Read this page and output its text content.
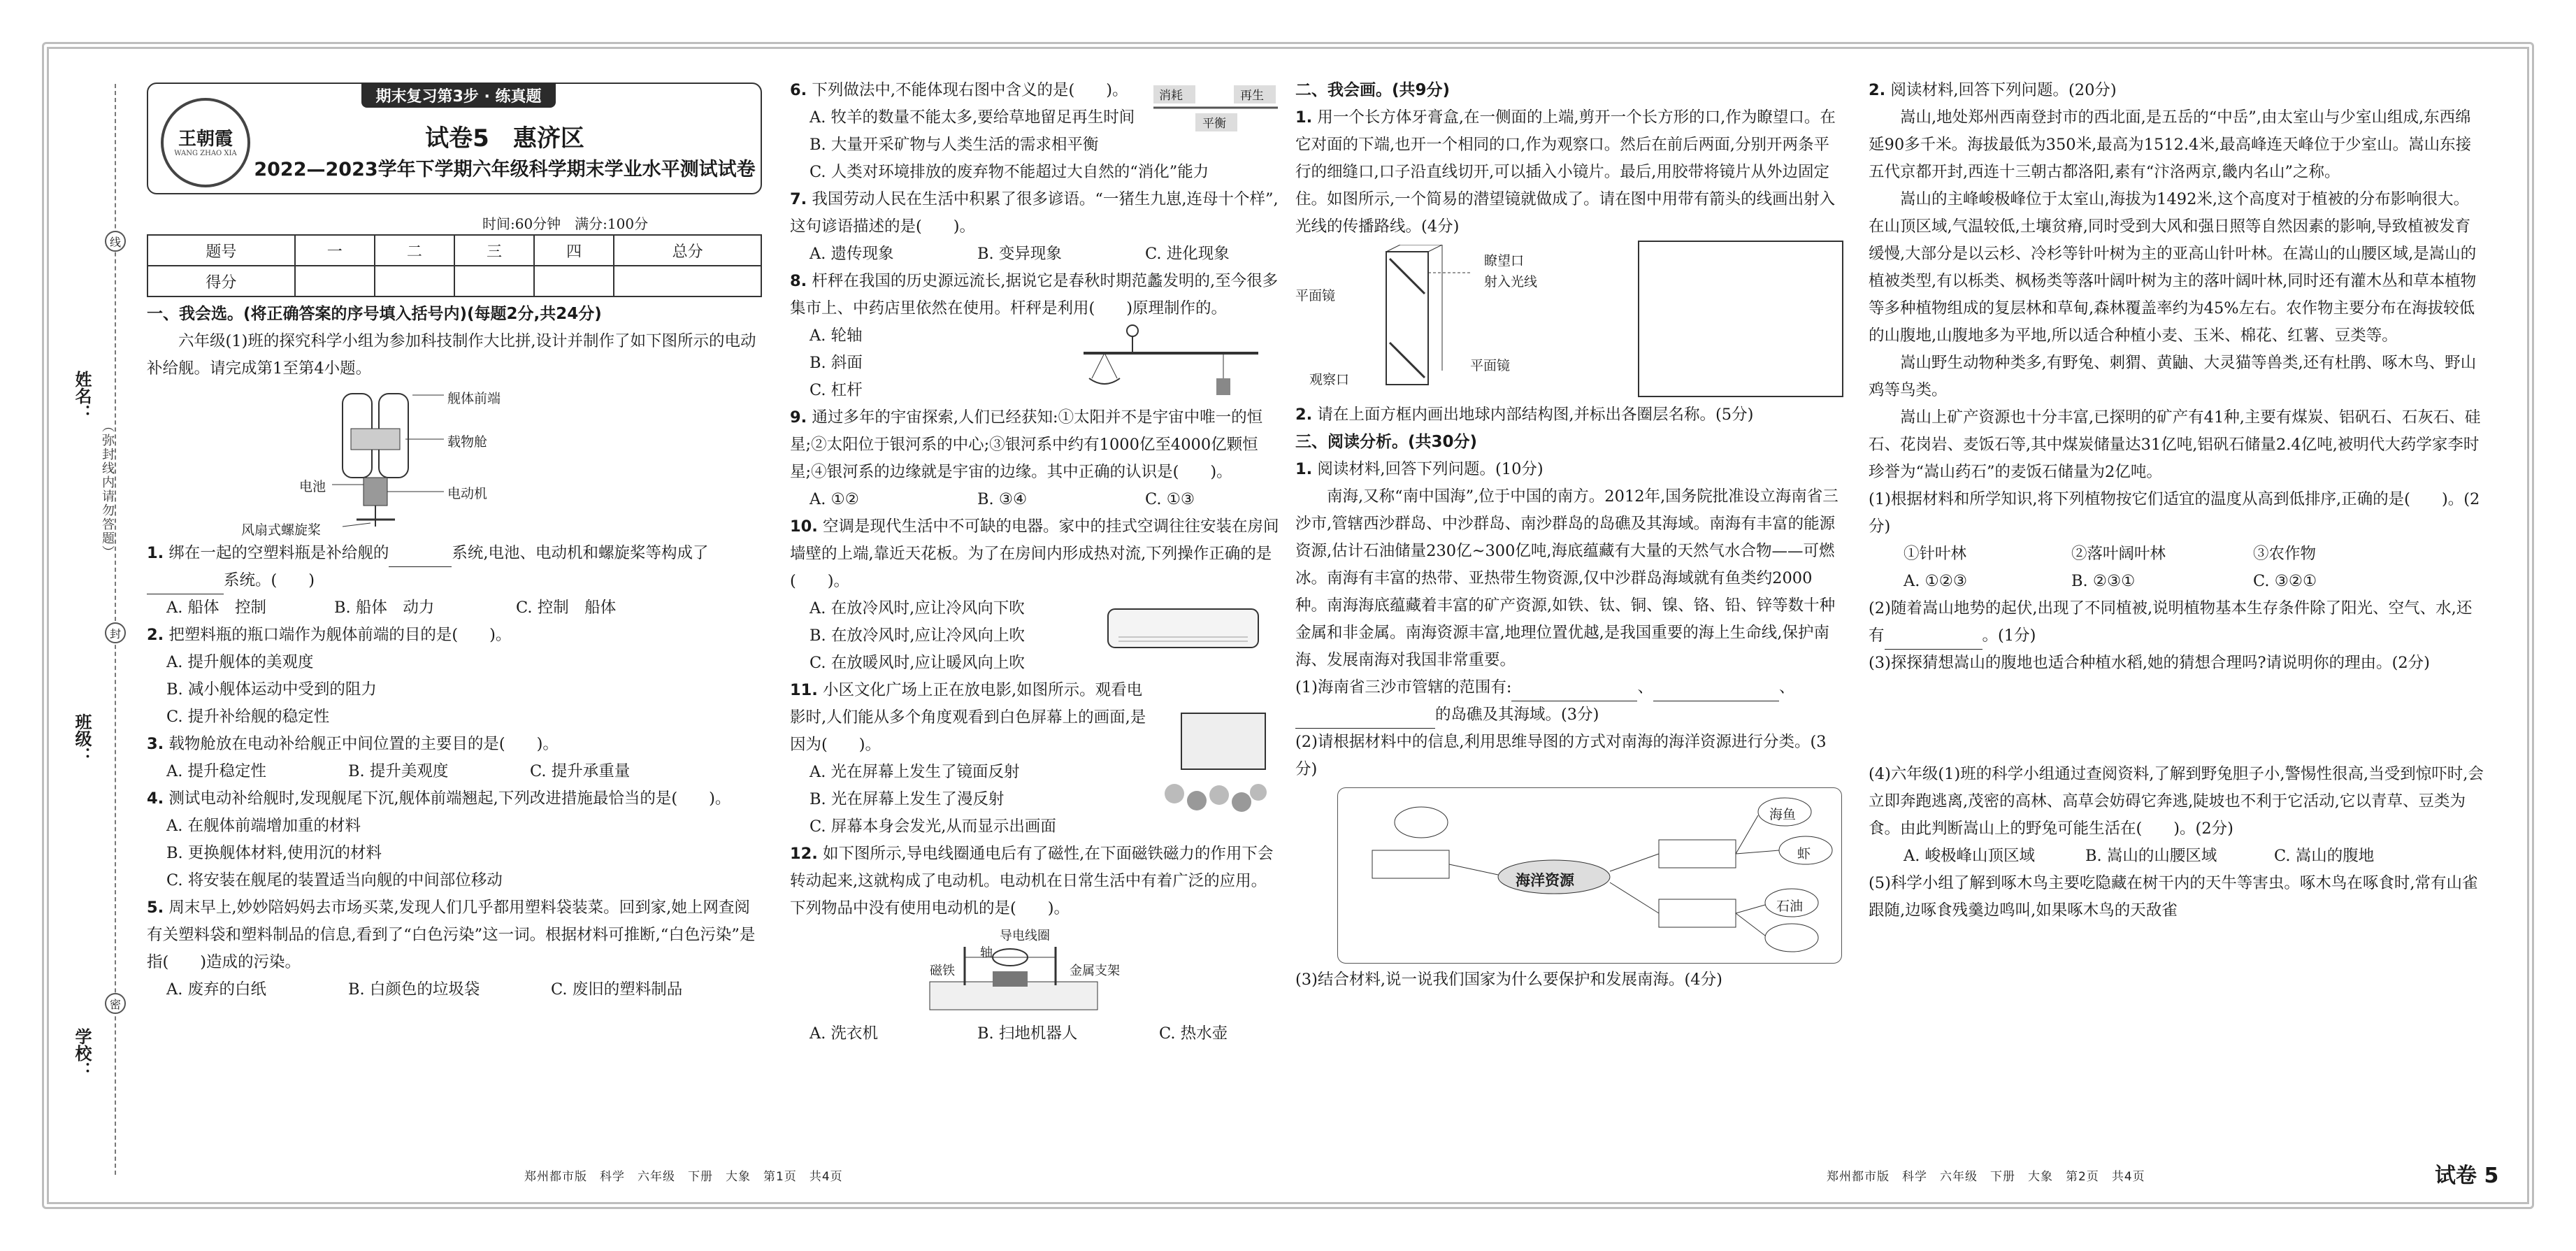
姓名：
班级：
学校：
（弥封线内请勿答题）
线
封
密
期末复习第3步 · 练真题
王朝霞
WANG ZHAO XIA
试卷5　惠济区
2022—2023学年下学期六年级科学期末学业水平测试试卷
时间:60分钟　满分:100分
题号	一	二	三	四	总分
得分					

一、我会选。(将正确答案的序号填入括号内)(每题2分,共24分)

六年级(1)班的探究科学小组为参加科技制作大比拼,设计并制作了如下图所示的电动补给舰。请完成第1至第4小题。

舰体前端
载物舱
电池	电动机
风扇式螺旋桨

1. 绑在一起的空塑料瓶是补给舰的	系统,电池、电动机和螺旋桨等构成了系统。(　　)

A. 船体　控制	B. 船体　动力	C. 控制　船体

2. 把塑料瓶的瓶口端作为舰体前端的目的是(　　)。

A. 提升舰体的美观度

B. 减小舰体运动中受到的阻力

C. 提升补给舰的稳定性

3. 载物舱放在电动补给舰正中间位置的主要目的是(　　)。

A. 提升稳定性	B. 提升美观度	C. 提升承重量

4. 测试电动补给舰时,发现舰尾下沉,舰体前端翘起,下列改进措施最恰当的是(　　)。

A. 在舰体前端增加重的材料

B. 更换舰体材料,使用沉的材料

C. 将安装在舰尾的装置适当向舰的中间部位移动

5. 周末早上,妙妙陪妈妈去市场买菜,发现人们几乎都用塑料袋装菜。回到家,她上网查阅有关塑料袋和塑料制品的信息,看到了“白色污染”这一词。根据材料可推断,“白色污染”是指(　　)造成的污染。

A. 废弃的白纸	B. 白颜色的垃圾袋	C. 废旧的塑料制品

6. 下列做法中,不能体现右图中含义的是(　　)。	消耗	再生
平衡

A. 牧羊的数量不能太多,要给草地留足再生时间

B. 大量开采矿物与人类生活的需求相平衡

C. 人类对环境排放的废弃物不能超过大自然的“消化”能力

7. 我国劳动人民在生活中积累了很多谚语。“一猪生九崽,连母十个样”,这句谚语描述的是(　　)。

A. 遗传现象	B. 变异现象	C. 进化现象

8. 杆秤在我国的历史源远流长,据说它是春秋时期范蠡发明的,至今很多集市上、中药店里依然在使用。杆秤是利用(　　)原理制作的。

A. 轮轴

B. 斜面

C. 杠杆

9. 通过多年的宇宙探索,人们已经获知:①太阳并不是宇宙中唯一的恒星;②太阳位于银河系的中心;③银河系中约有1000亿至4000亿颗恒星;④银河系的边缘就是宇宙的边缘。其中正确的认识是(　　)。

A. ①②	B. ③④	C. ①③

10. 空调是现代生活中不可缺的电器。家中的挂式空调往往安装在房间墙壁的上端,靠近天花板。为了在房间内形成热对流,下列操作正确的是(　　)。

A. 在放冷风时,应让冷风向下吹

B. 在放冷风时,应让冷风向上吹

C. 在放暖风时,应让暖风向上吹

11. 小区文化广场上正在放电影,如图所示。观看电影时,人们能从多个角度观看到白色屏幕上的画面,是因为(　　)。

A. 光在屏幕上发生了镜面反射

B. 光在屏幕上发生了漫反射

C. 屏幕本身会发光,从而显示出画面

12. 如下图所示,导电线圈通电后有了磁性,在下面磁铁磁力的作用下会转动起来,这就构成了电动机。电动机在日常生活中有着广泛的应用。下列物品中没有使用电动机的是(　　)。

导电线圈
磁铁
轴
金属支架
A. 洗衣机	B. 扫地机器人	C. 热水壶
郑州都市版　科学　六年级　下册　大象　第1页　共4页

二、我会画。(共9分)

1. 用一个长方体牙膏盒,在一侧面的上端,剪开一个长方形的口,作为瞭望口。在它对面的下端,也开一个相同的口,作为观察口。然后在前后两面,分别开两条平行的细缝口,口子沿直线切开,可以插入小镜片。最后,用胶带将镜片从外边固定住。如图所示,一个简易的潜望镜就做成了。请在图中用带有箭头的线画出射入光线的传播路线。(4分)

瞭望口
射入光线
平面镜
平面镜
观察口

2. 请在上面方框内画出地球内部结构图,并标出各圈层名称。(5分)

三、阅读分析。(共30分)

1. 阅读材料,回答下列问题。(10分)

南海,又称“南中国海”,位于中国的南方。2012年,国务院批准设立海南省三沙市,管辖西沙群岛、中沙群岛、南沙群岛的岛礁及其海域。南海有丰富的能源资源,估计石油储量230亿~300亿吨,海底蕴藏有大量的天然气水合物——可燃冰。南海有丰富的热带、亚热带生物资源,仅中沙群岛海域就有鱼类约2000种。南海海底蕴藏着丰富的矿产资源,如铁、钛、铜、镍、铬、铅、锌等数十种金属和非金属。南海资源丰富,地理位置优越,是我国重要的海上生命线,保护南海、发展南海对我国非常重要。

(1)海南省三沙市管辖的范围有:	、	、

的岛礁及其海域。(3分)

(2)请根据材料中的信息,利用思维导图的方式对南海的海洋资源进行分类。(3分)

海洋资源
海鱼
虾
石油

(3)结合材料,说一说我们国家为什么要保护和发展南海。(4分)

2. 阅读材料,回答下列问题。(20分)

嵩山,地处郑州西南登封市的西北面,是五岳的“中岳”,由太室山与少室山组成,东西绵延90多千米。海拔最低为350米,最高为1512.4米,最高峰连天峰位于少室山。嵩山东接五代京都开封,西连十三朝古都洛阳,素有“汴洛两京,畿内名山”之称。

嵩山的主峰峻极峰位于太室山,海拔为1492米,这个高度对于植被的分布影响很大。在山顶区域,气温较低,土壤贫瘠,同时受到大风和强日照等自然因素的影响,导致植被发育缓慢,大部分是以云杉、冷杉等针叶树为主的亚高山针叶林。在嵩山的山腰区域,是嵩山的植被类型,有以栎类、枫杨类等落叶阔叶树为主的落叶阔叶林,同时还有灌木丛和草本植物等多种植物组成的复层林和草甸,森林覆盖率约为45%左右。农作物主要分布在海拔较低的山腹地,山腹地多为平地,所以适合种植小麦、玉米、棉花、红薯、豆类等。

嵩山野生动物种类多,有野兔、刺猬、黄鼬、大灵猫等兽类,还有杜鹃、啄木鸟、野山鸡等鸟类。

嵩山上矿产资源也十分丰富,已探明的矿产有41种,主要有煤炭、铝矾石、石灰石、硅石、花岗岩、麦饭石等,其中煤炭储量达31亿吨,铝矾石储量2.4亿吨,被明代大药学家李时珍誉为“嵩山药石”的麦饭石储量为2亿吨。

(1)根据材料和所学知识,将下列植物按它们适宜的温度从高到低排序,正确的是(　　)。(2分)

①针叶林	②落叶阔叶林	③农作物
A. ①②③	B. ②③①	C. ③②①

(2)随着嵩山地势的起伏,出现了不同植被,说明植物基本生存条件除了阳光、空气、水,还有	。(1分)

(3)探探猜想嵩山的腹地也适合种植水稻,她的猜想合理吗?请说明你的理由。(2分)

(4)六年级(1)班的科学小组通过查阅资料,了解到野兔胆子小,警惕性很高,当受到惊吓时,会立即奔跑逃离,茂密的高林、高草会妨碍它奔逃,陡坡也不利于它活动,它以青草、豆类为食。由此判断嵩山上的野兔可能生活在(　　)。(2分)

A. 峻极峰山顶区域	B. 嵩山的山腰区域	C. 嵩山的腹地

(5)科学小组了解到啄木鸟主要吃隐藏在树干内的天牛等害虫。啄木鸟在啄食时,常有山雀跟随,边啄食残羹边鸣叫,如果啄木鸟的天敌雀

郑州都市版　科学　六年级　下册　大象　第2页　共4页	试卷 5
